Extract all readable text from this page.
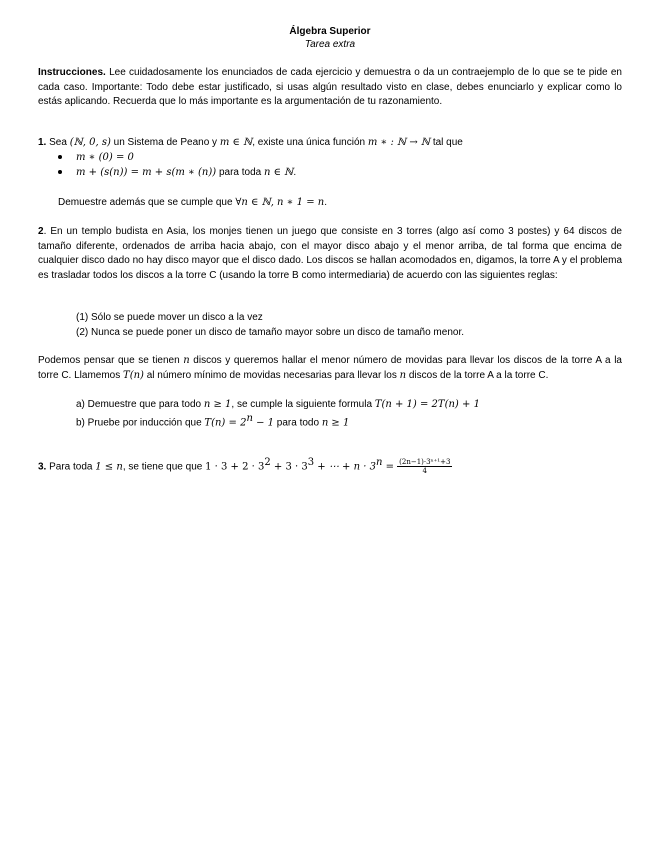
Álgebra Superior
Tarea extra
Instrucciones. Lee cuidadosamente los enunciados de cada ejercicio y demuestra o da un contraejemplo de lo que se te pide en cada caso. Importante: Todo debe estar justificado, si usas algún resultado visto en clase, debes enunciarlo y explicar como lo estás aplicando. Recuerda que lo más importante es la argumentación de tu razonamiento.
1. Sea (ℕ, 0, s) un Sistema de Peano y m ∈ ℕ, existe una única función m ∗ : ℕ → ℕ tal que
m ∗ (0) = 0
m + (s(n)) = m + s(m ∗ (n)) para toda n ∈ ℕ.
Demuestre además que se cumple que ∀n ∈ ℕ, n ∗ 1 = n.
2. En un templo budista en Asia, los monjes tienen un juego que consiste en 3 torres (algo así como 3 postes) y 64 discos de tamaño diferente, ordenados de arriba hacia abajo, con el mayor disco abajo y el menor arriba, de tal forma que encima de cualquier disco dado no hay disco mayor que el disco dado. Los discos se hallan acomodados en, digamos, la torre A y el problema es trasladar todos los discos a la torre C (usando la torre B como intermediaria) de acuerdo con las siguientes reglas:
(1) Sólo se puede mover un disco a la vez
(2) Nunca se puede poner un disco de tamaño mayor sobre un disco de tamaño menor.
Podemos pensar que se tienen n discos y queremos hallar el menor número de movidas para llevar los discos de la torre A a la torre C. Llamemos T(n) al número mínimo de movidas necesarias para llevar los n discos de la torre A a la torre C.
a) Demuestre que para todo n ≥ 1, se cumple la siguiente formula T(n + 1) = 2T(n) + 1
b) Pruebe por inducción que $T(n) = 2^n - 1$ para todo n ≥ 1
3. Para toda 1 ≤ n, se tiene que que $1 \cdot 3 + 2 \cdot 3^2 + 3 \cdot 3^3$ + ⋯ + $n \cdot 3^n = \frac{\text{(2n−1)·3ⁿ⁺¹+3}}{4}$
